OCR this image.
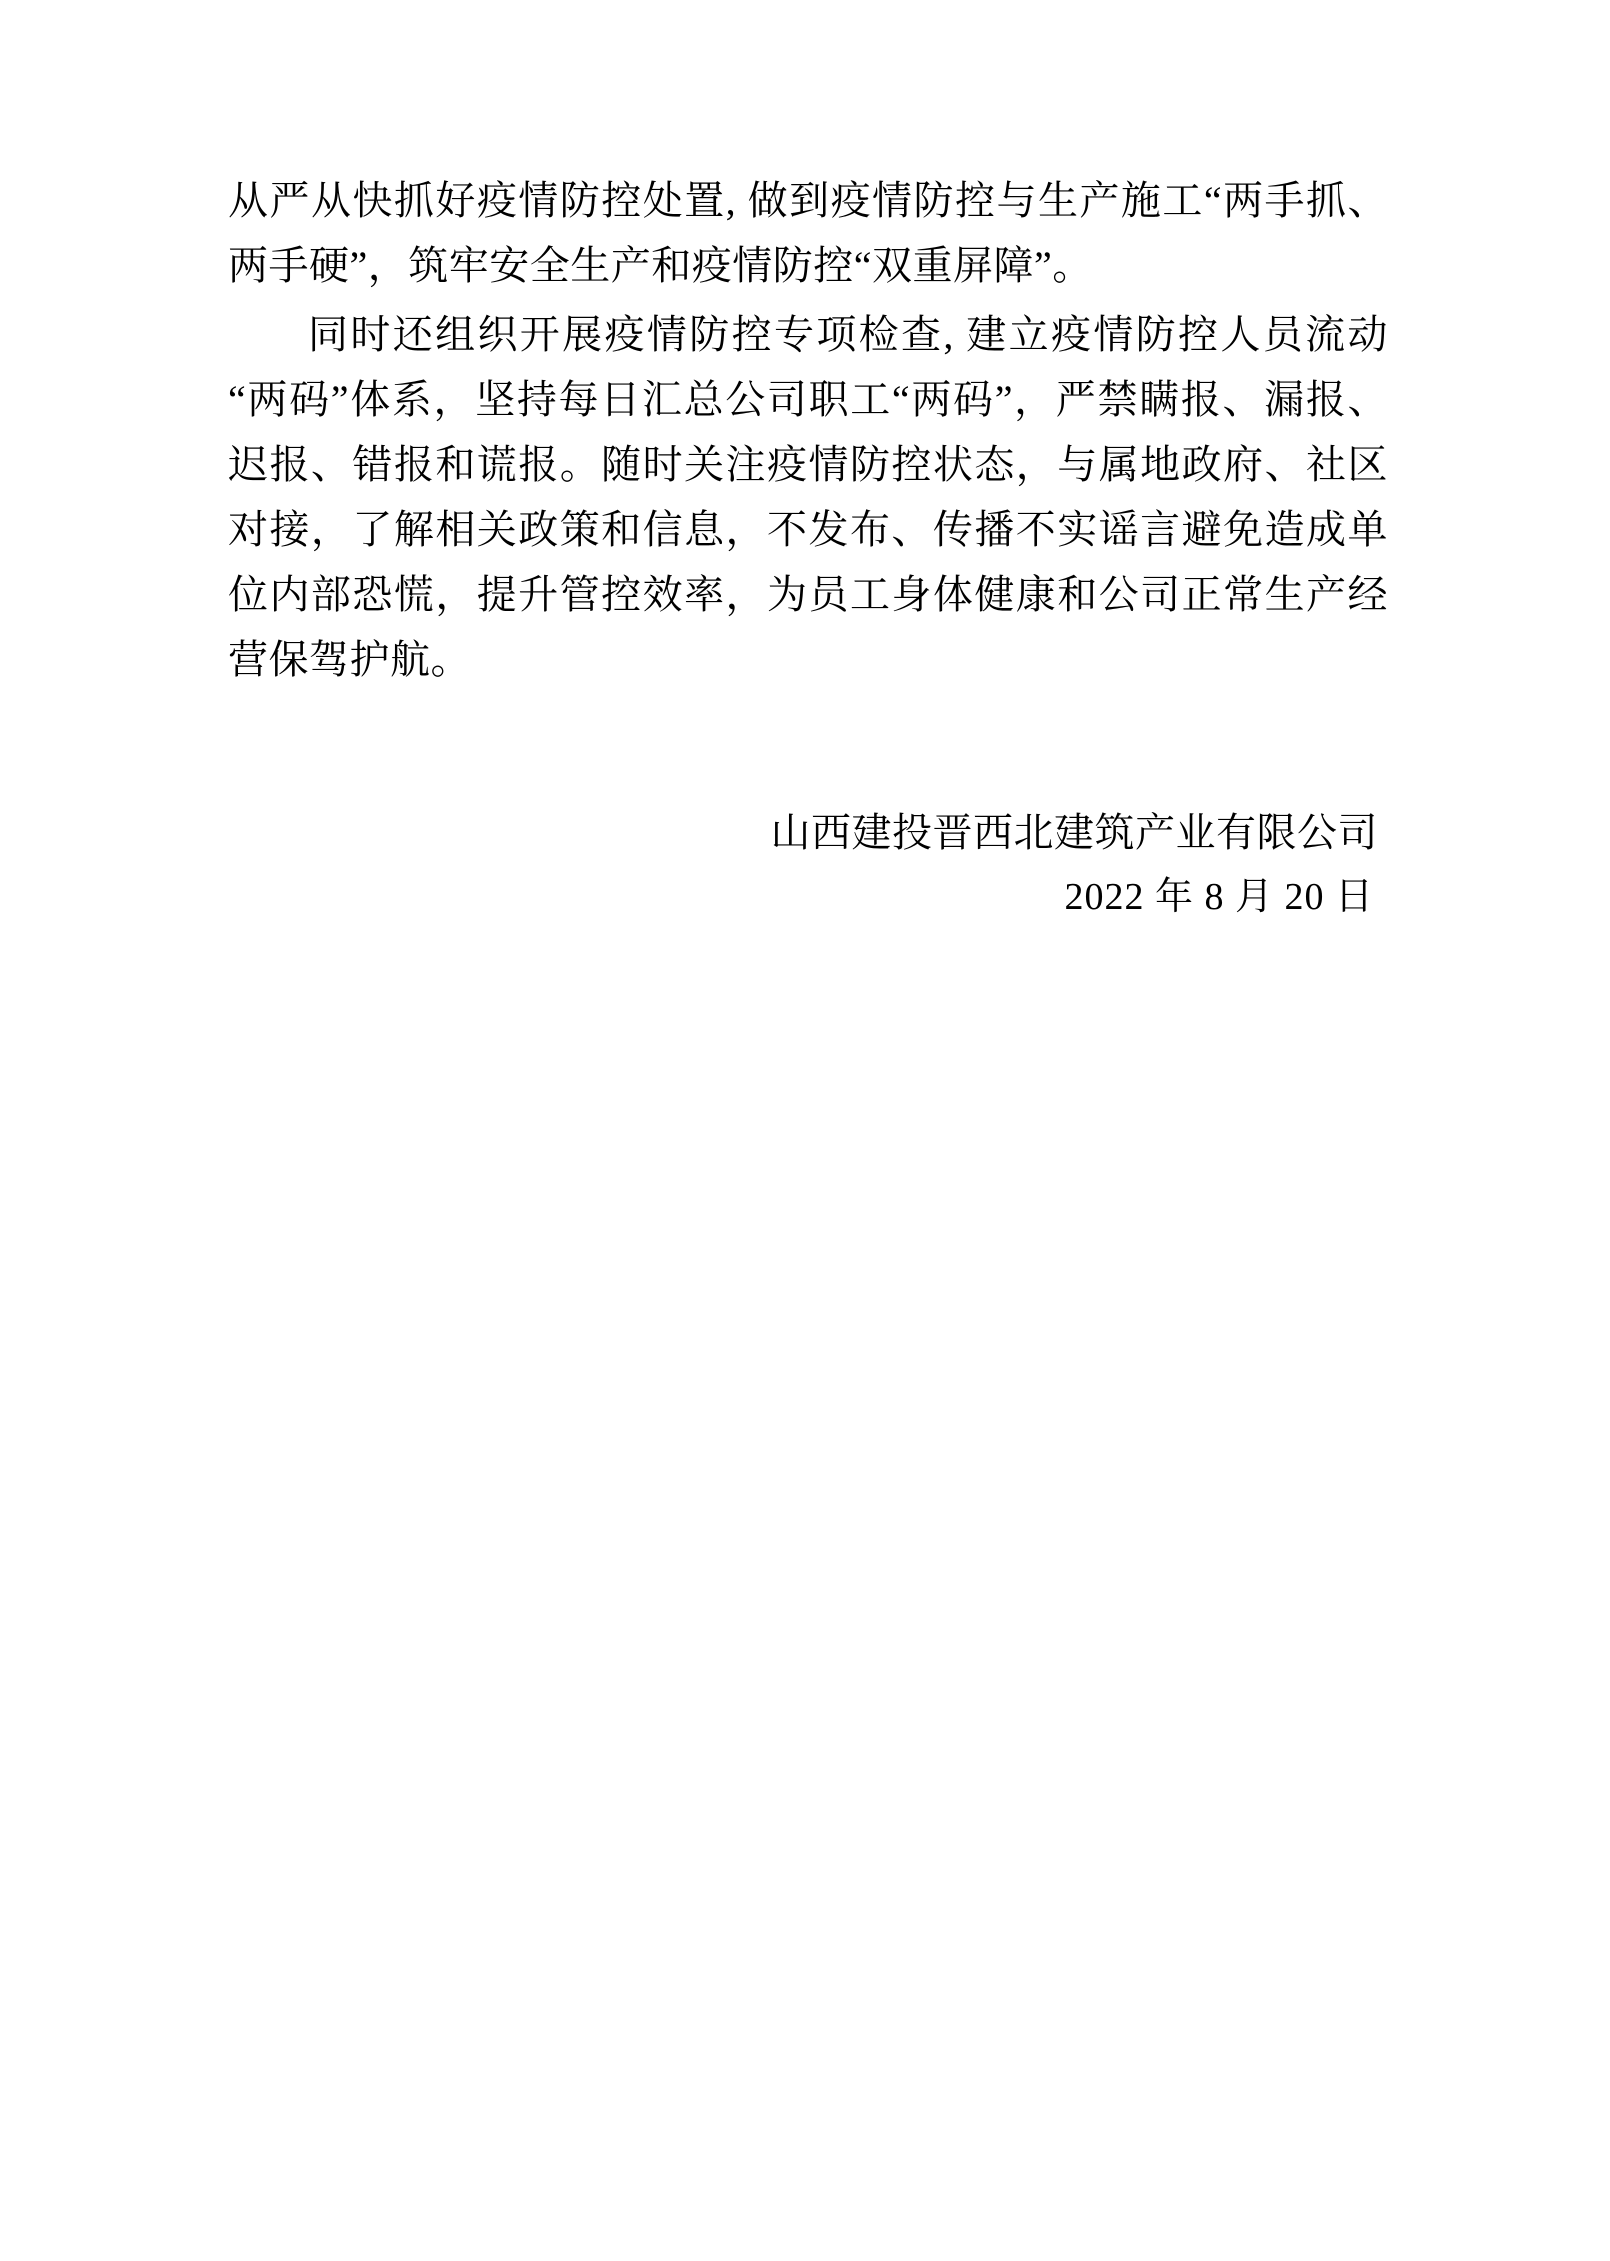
从严从快抓好疫情防控处置, 做到疫情防控与生产施工“两手抓、两手硬”，筑牢安全生产和疫情防控“双重屏障”。

同时还组织开展疫情防控专项检查, 建立疫情防控人员流动“两码”体系，坚持每日汇总公司职工“两码”，严禁瞒报、漏报、迟报、错报和谎报。随时关注疫情防控状态，与属地政府、社区对接，了解相关政策和信息，不发布、传播不实谣言避免造成单位内部恐慌，提升管控效率，为员工身体健康和公司正常生产经营保驾护航。

山西建投晋西北建筑产业有限公司

2022 年 8 月 20 日
